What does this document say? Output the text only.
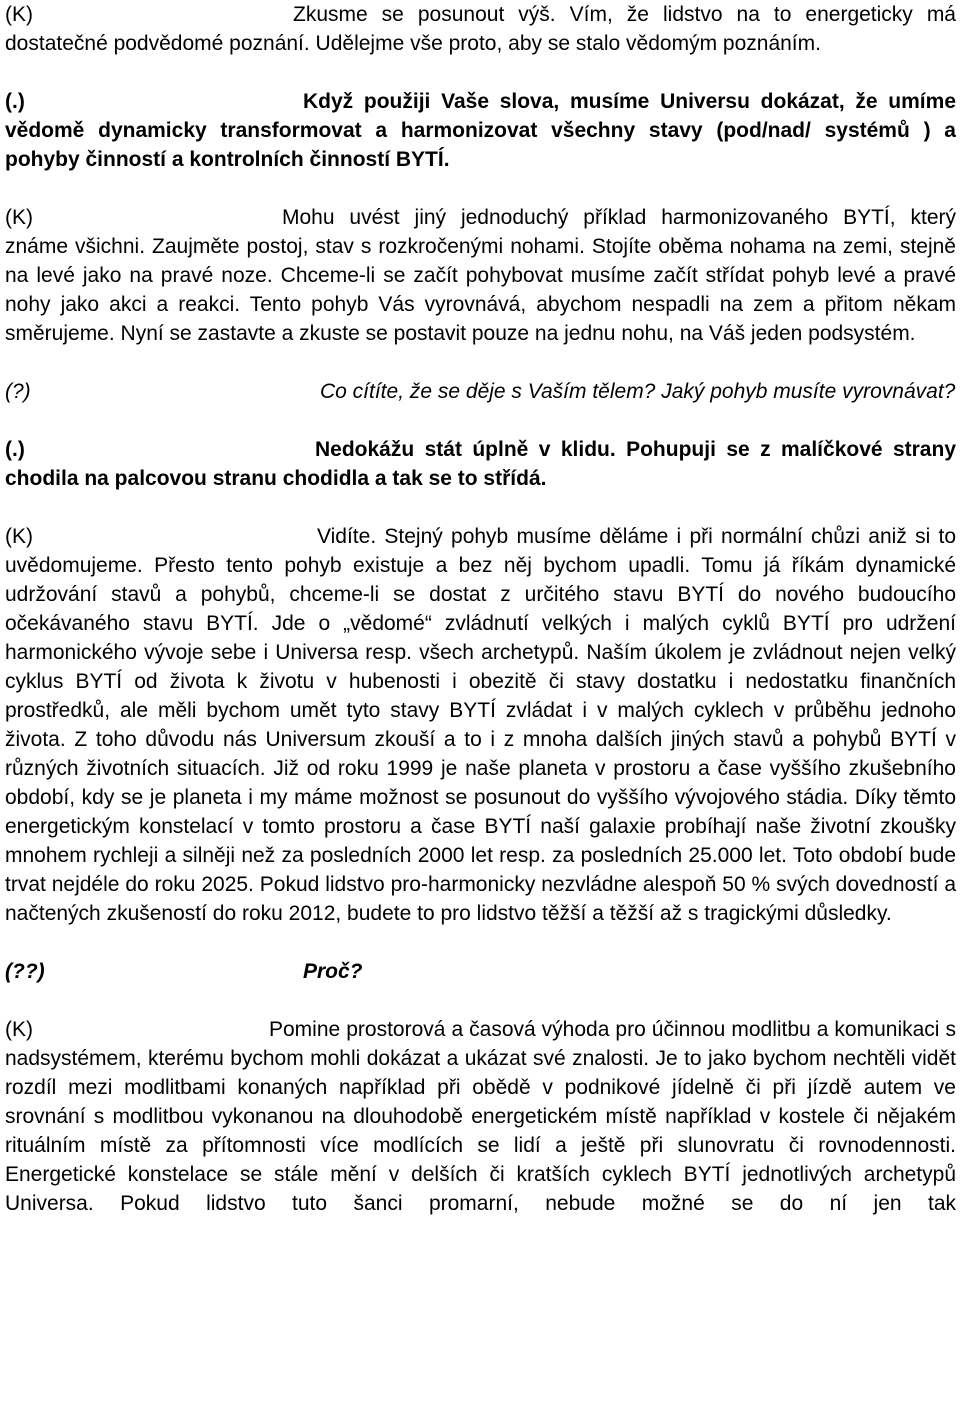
(K)	Zkusme se posunout výš. Vím, že lidstvo na to energeticky má dostatečné podvědomé poznání. Udělejme vše proto, aby se stalo vědomým poznáním.

(.)	Když použiji Vaše slova, musíme Universu dokázat, že umíme vědomě dynamicky transformovat a harmonizovat všechny stavy (pod/nad/ systémů ) a pohyby činností a kontrolních činností BYTÍ.

(K)	Mohu uvést jiný jednoduchý příklad harmonizovaného BYTÍ, který známe všichni. Zaujměte postoj, stav s rozkročenými nohami. Stojíte oběma nohama na zemi, stejně na levé jako na pravé noze. Chceme-li se začít pohybovat musíme začít střídat pohyb levé a pravé nohy jako akci a reakci. Tento pohyb Vás vyrovnává, abychom nespadli na zem a přitom někam směrujeme. Nyní se zastavte a zkuste se postavit pouze na jednu nohu, na Váš jeden podsystém.

(?)	Co cítíte, že se děje s Vaším tělem? Jaký pohyb musíte vyrovnávat?

(.)	Nedokážu stát úplně v klidu. Pohupuji se z malíčkové strany chodila na palcovou stranu chodidla a tak se to střídá.

(K)	Vidíte. Stejný pohyb musíme děláme i při normální chůzi aniž si to uvědomujeme. Přesto tento pohyb existuje a bez něj bychom upadli. Tomu já říkám dynamické udržování stavů a pohybů, chceme-li se dostat z určitého stavu BYTÍ do nového budoucího očekávaného stavu BYTÍ. Jde o „vědomé“ zvládnutí velkých i malých cyklů BYTÍ pro udržení harmonického vývoje sebe i Universa resp. všech archetypů. Naším úkolem je zvládnout nejen velký cyklus BYTÍ od života k životu v hubenosti i obezitě či stavy dostatku i nedostatku finančních prostředků, ale měli bychom umět tyto stavy BYTÍ zvládat i v malých cyklech v průběhu jednoho života. Z toho důvodu nás Universum zkouší a to i z mnoha dalších jiných stavů a pohybů BYTÍ v různých životních situacích. Již od roku 1999 je naše planeta v prostoru a čase vyššího zkušebního období, kdy se je planeta i my máme možnost se posunout do vyššího vývojového stádia. Díky těmto energetickým konstelací v tomto prostoru a čase BYTÍ naší galaxie probíhají naše životní zkoušky mnohem rychleji a silněji než za posledních 2000 let resp. za posledních 25.000 let. Toto období bude trvat nejdéle do roku 2025. Pokud lidstvo pro-harmonicky nezvládne alespoň 50 % svých dovedností a načtených zkušeností do roku 2012, budete to pro lidstvo těžší a těžší až s tragickými důsledky.

(??)	Proč?

(K)	Pomine prostorová a časová výhoda pro účinnou modlitbu a komunikaci s nadsystémem, kterému bychom mohli dokázat a ukázat své znalosti. Je to jako bychom nechtěli vidět rozdíl mezi modlitbami konaných například při obědě v podnikové jídelně či při jízdě autem ve srovnání s modlitbou vykonanou na dlouhodobě energetickém místě například v kostele či nějakém rituálním místě za přítomnosti více modlících se lidí a ještě při slunovratu či rovnodennosti. Energetické konstelace se stále mění v delších či kratších cyklech BYTÍ jednotlivých archetypů Universa. Pokud lidstvo tuto šanci promarní, nebude možné se do ní jen tak
